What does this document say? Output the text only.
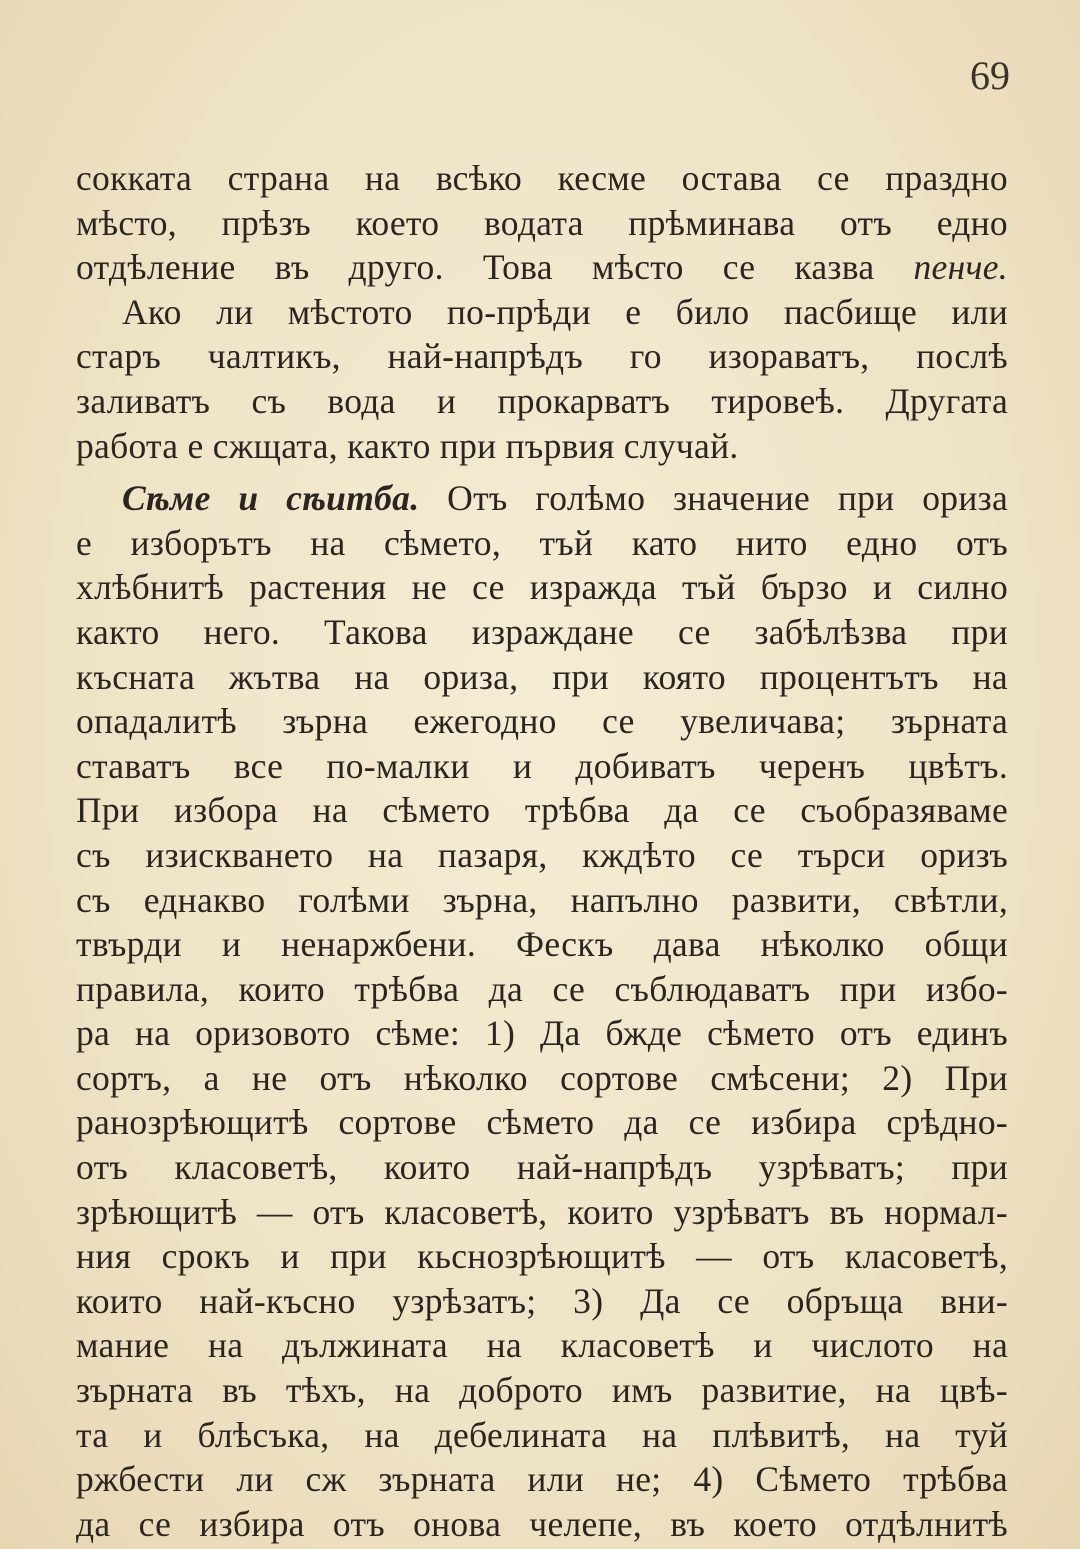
69
сокката страна на всѣко кесме остава се праздно
мѣсто, прѣзъ което водата прѣминава отъ едно
отдѣление въ друго. Това мѣсто се казва пенче.
Ако ли мѣстото по-прѣди е било пасбище или
старъ чалтикъ, най-напрѣдъ го изораватъ, послѣ
заливатъ съ вода и прокарватъ тировеѣ. Другата
работа е сжщата, както при първия случай.
Сѣме и сѣитба. Отъ голѣмо значение при ориза
е изборътъ на сѣмето, тъй като нито едно отъ
хлѣбнитѣ растения не се изражда тъй бързо и силно
както него. Такова израждане се забѣлѣзва при
късната жътва на ориза, при която процентътъ на
опадалитѣ зърна ежегодно се увеличава; зърната
ставатъ все по-малки и добиватъ черенъ цвѣтъ.
При избора на сѣмето трѣбва да се съобразяваме
съ изискването на пазаря, кждѣто се търси оризъ
съ еднакво голѣми зърна, напълно развити, свѣтли,
твърди и ненаржбени. Фескъ дава нѣколко общи
правила, които трѣбва да се съблюдаватъ при избо-
ра на оризовото сѣме: 1) Да бжде сѣмето отъ единъ
сортъ, а не отъ нѣколко сортове смѣсени; 2) При
ранозрѣющитѣ сортове сѣмето да се избира срѣдно-
отъ класоветѣ, които най-напрѣдъ узрѣватъ; при
зрѣющитѣ — отъ класоветѣ, които узрѣватъ въ нормал-
ния срокъ и при кьснозрѣющитѣ — отъ класоветѣ,
които най-късно узрѣзатъ; 3) Да се обръща вни-
мание на дължината на класоветѣ и числото на
зърната въ тѣхъ, на доброто имъ развитие, на цвѣ-
та и блѣсъка, на дебелината на плѣвитѣ, на туй
ржбести ли сж зърната или не; 4) Сѣмето трѣбва
да се избира отъ онова челепе, въ което отдѣлнитѣ
